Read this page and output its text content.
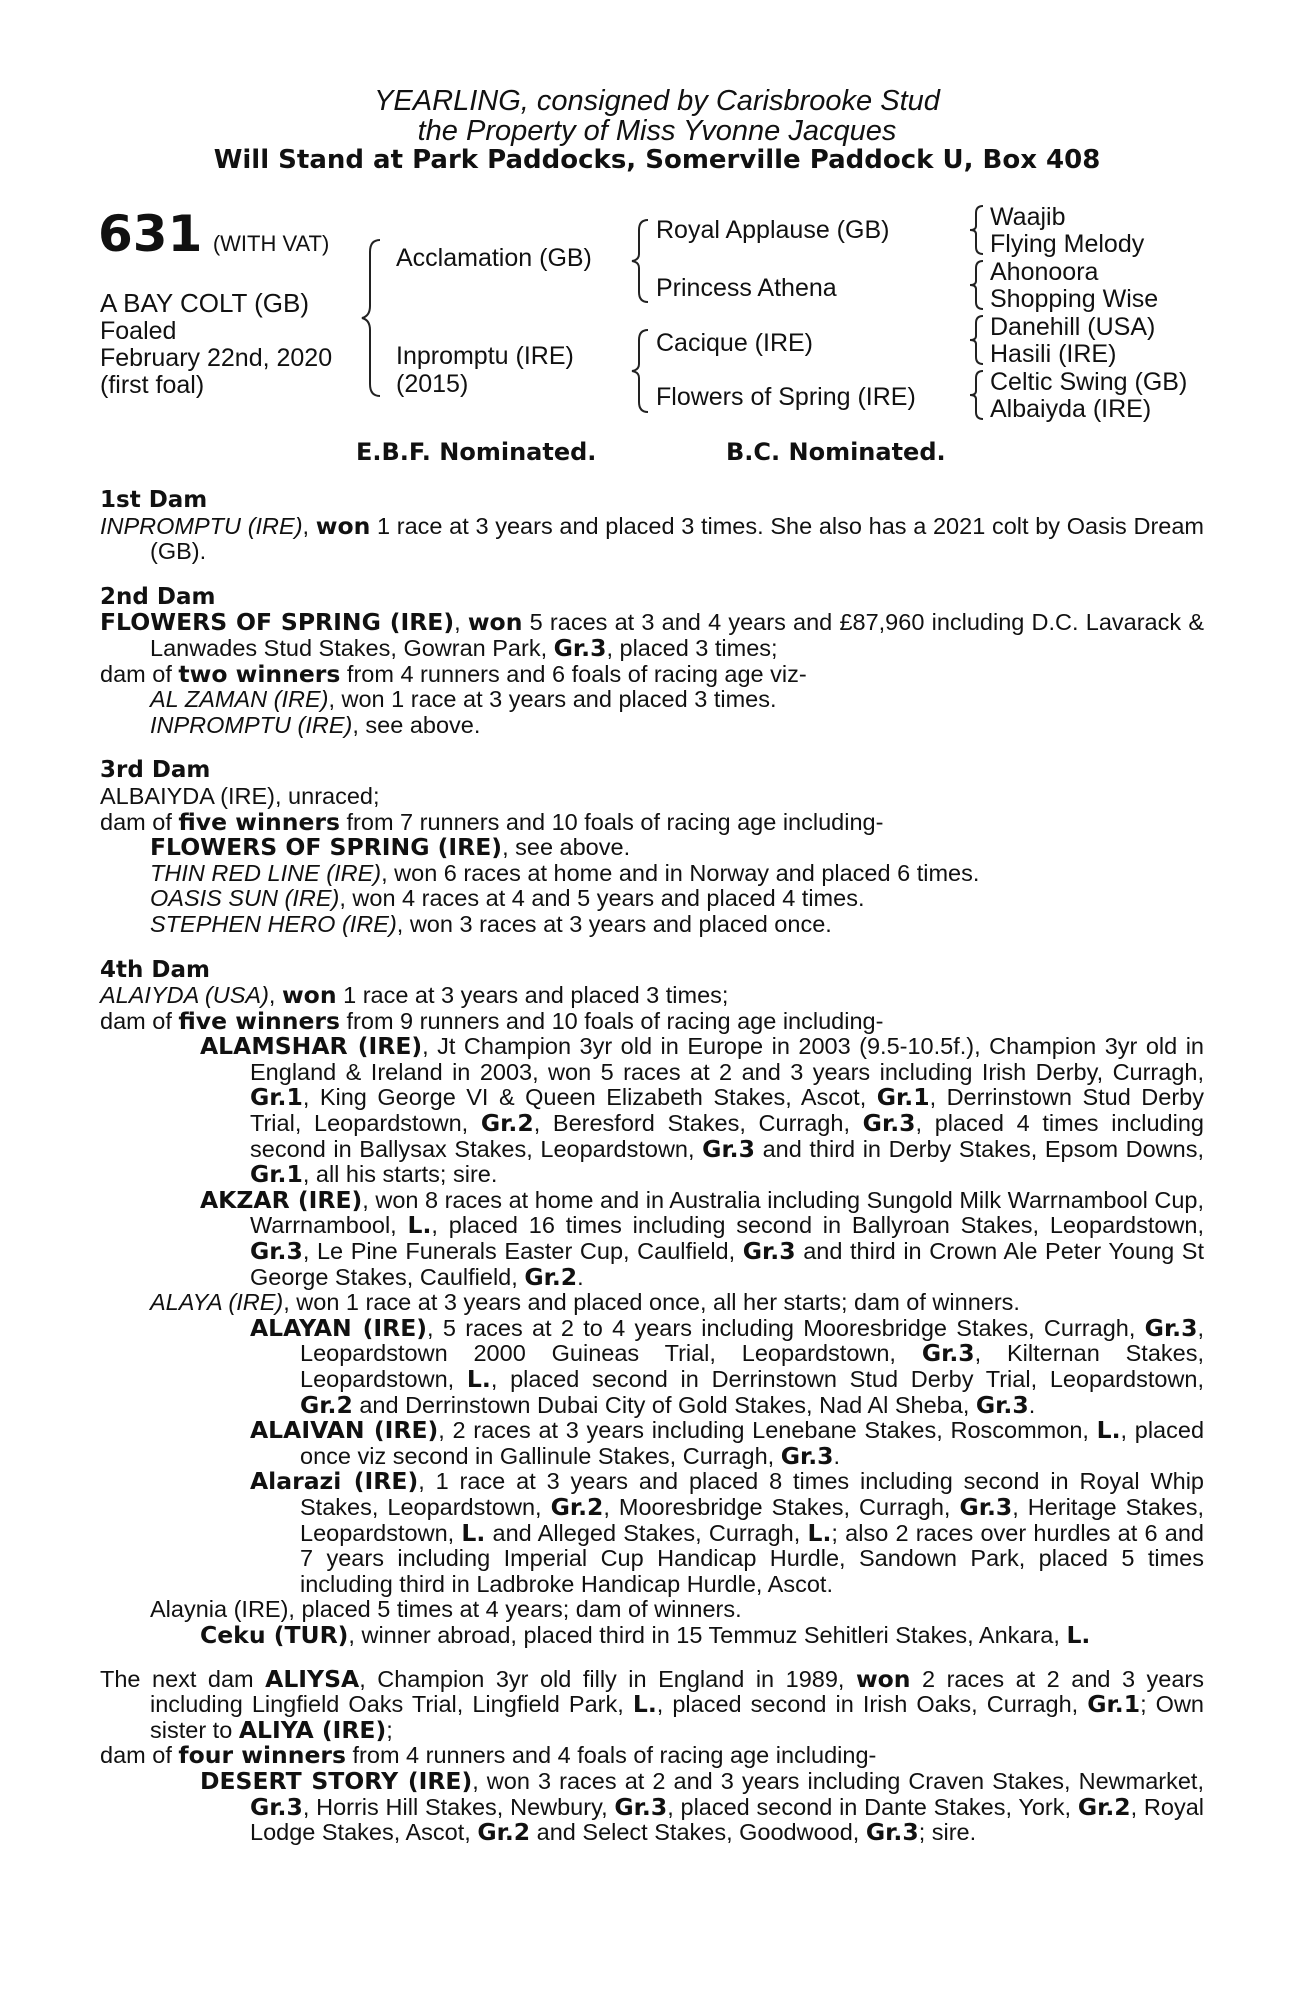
YEARLING, consigned by Carisbrooke Stud
the Property of Miss Yvonne Jacques
Will Stand at Park Paddocks, Somerville Paddock U, Box 408
631 (WITH VAT)
A BAY COLT (GB)
Foaled
February 22nd, 2020
(first foal)
Acclamation (GB)
Inpromptu (IRE)
(2015)
Royal Applause (GB)
Princess Athena
Cacique (IRE)
Flowers of Spring (IRE)
Waajib
Flying Melody
Ahonoora
Shopping Wise
Danehill (USA)
Hasili (IRE)
Celtic Swing (GB)
Albaiyda (IRE)
E.B.F. Nominated.	B.C. Nominated.
1st Dam
INPROMPTU (IRE), won 1 race at 3 years and placed 3 times. She also has a 2021 colt by Oasis Dream (GB).
2nd Dam
FLOWERS OF SPRING (IRE), won 5 races at 3 and 4 years and £87,960 including D.C. Lavarack & Lanwades Stud Stakes, Gowran Park, Gr.3, placed 3 times;
dam of two winners from 4 runners and 6 foals of racing age viz-
AL ZAMAN (IRE), won 1 race at 3 years and placed 3 times.
INPROMPTU (IRE), see above.
3rd Dam
ALBAIYDA (IRE), unraced;
dam of five winners from 7 runners and 10 foals of racing age including-
FLOWERS OF SPRING (IRE), see above.
THIN RED LINE (IRE), won 6 races at home and in Norway and placed 6 times.
OASIS SUN (IRE), won 4 races at 4 and 5 years and placed 4 times.
STEPHEN HERO (IRE), won 3 races at 3 years and placed once.
4th Dam
ALAIYDA (USA), won 1 race at 3 years and placed 3 times;
dam of five winners from 9 runners and 10 foals of racing age including-
ALAMSHAR (IRE), Jt Champion 3yr old in Europe in 2003 (9.5-10.5f.), Champion 3yr old in England & Ireland in 2003, won 5 races at 2 and 3 years including Irish Derby, Curragh, Gr.1, King George VI & Queen Elizabeth Stakes, Ascot, Gr.1, Derrinstown Stud Derby Trial, Leopardstown, Gr.2, Beresford Stakes, Curragh, Gr.3, placed 4 times including second in Ballysax Stakes, Leopardstown, Gr.3 and third in Derby Stakes, Epsom Downs, Gr.1, all his starts; sire.
AKZAR (IRE), won 8 races at home and in Australia including Sungold Milk Warrnambool Cup, Warrnambool, L., placed 16 times including second in Ballyroan Stakes, Leopardstown, Gr.3, Le Pine Funerals Easter Cup, Caulfield, Gr.3 and third in Crown Ale Peter Young St George Stakes, Caulfield, Gr.2.
ALAYA (IRE), won 1 race at 3 years and placed once, all her starts; dam of winners.
ALAYAN (IRE), 5 races at 2 to 4 years including Mooresbridge Stakes, Curragh, Gr.3, Leopardstown 2000 Guineas Trial, Leopardstown, Gr.3, Kilternan Stakes, Leopardstown, L., placed second in Derrinstown Stud Derby Trial, Leopardstown, Gr.2 and Derrinstown Dubai City of Gold Stakes, Nad Al Sheba, Gr.3.
ALAIVAN (IRE), 2 races at 3 years including Lenebane Stakes, Roscommon, L., placed once viz second in Gallinule Stakes, Curragh, Gr.3.
Alarazi (IRE), 1 race at 3 years and placed 8 times including second in Royal Whip Stakes, Leopardstown, Gr.2, Mooresbridge Stakes, Curragh, Gr.3, Heritage Stakes, Leopardstown, L. and Alleged Stakes, Curragh, L.; also 2 races over hurdles at 6 and 7 years including Imperial Cup Handicap Hurdle, Sandown Park, placed 5 times including third in Ladbroke Handicap Hurdle, Ascot.
Alaynia (IRE), placed 5 times at 4 years; dam of winners.
Ceku (TUR), winner abroad, placed third in 15 Temmuz Sehitleri Stakes, Ankara, L.
The next dam ALIYSA, Champion 3yr old filly in England in 1989, won 2 races at 2 and 3 years including Lingfield Oaks Trial, Lingfield Park, L., placed second in Irish Oaks, Curragh, Gr.1; Own sister to ALIYA (IRE);
dam of four winners from 4 runners and 4 foals of racing age including-
DESERT STORY (IRE), won 3 races at 2 and 3 years including Craven Stakes, Newmarket, Gr.3, Horris Hill Stakes, Newbury, Gr.3, placed second in Dante Stakes, York, Gr.2, Royal Lodge Stakes, Ascot, Gr.2 and Select Stakes, Goodwood, Gr.3; sire.
